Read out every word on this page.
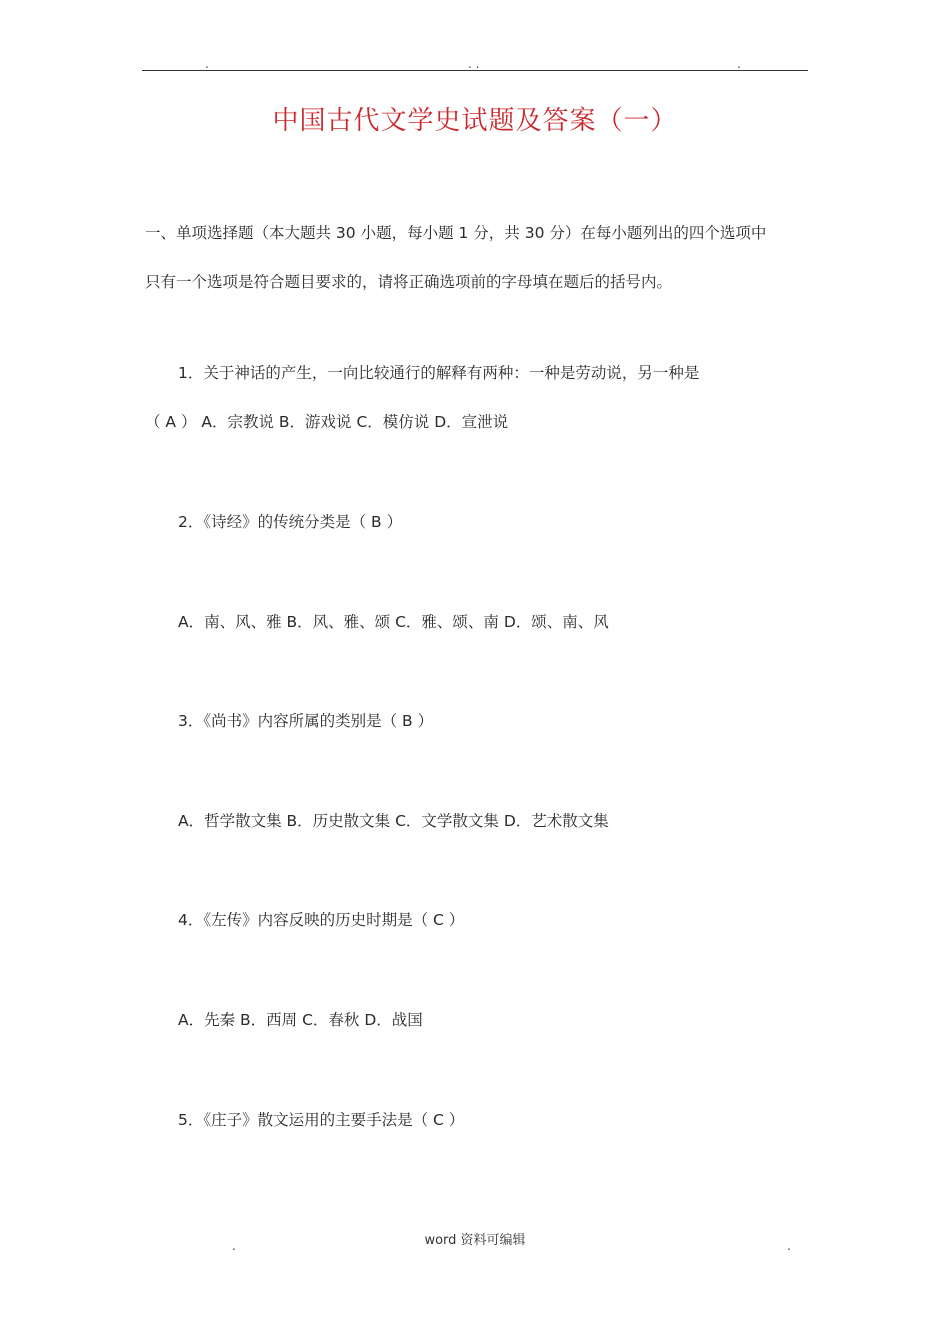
.	. .	.
中国古代文学史试题及答案（一）
一、单项选择题（本大题共 30 小题，每小题 1 分，共 30 分）在每小题列出的四个选项中
只有一个选项是符合题目要求的，请将正确选项前的字母填在题后的括号内。
1．关于神话的产生，一向比较通行的解释有两种：一种是劳动说，另一种是
（ A ） A．宗教说 B．游戏说 C．模仿说 D．宣泄说
2．《诗经》的传统分类是（ B ）
A．南、风、雅 B．风、雅、颂 C．雅、颂、南 D．颂、南、风
3．《尚书》内容所属的类别是（ B ）
A．哲学散文集 B．历史散文集 C．文学散文集 D．艺术散文集
4．《左传》内容反映的历史时期是（ C ）
A．先秦 B．西周 C．春秋 D．战国
5．《庄子》散文运用的主要手法是（ C ）
.	word 资料可编辑	.
